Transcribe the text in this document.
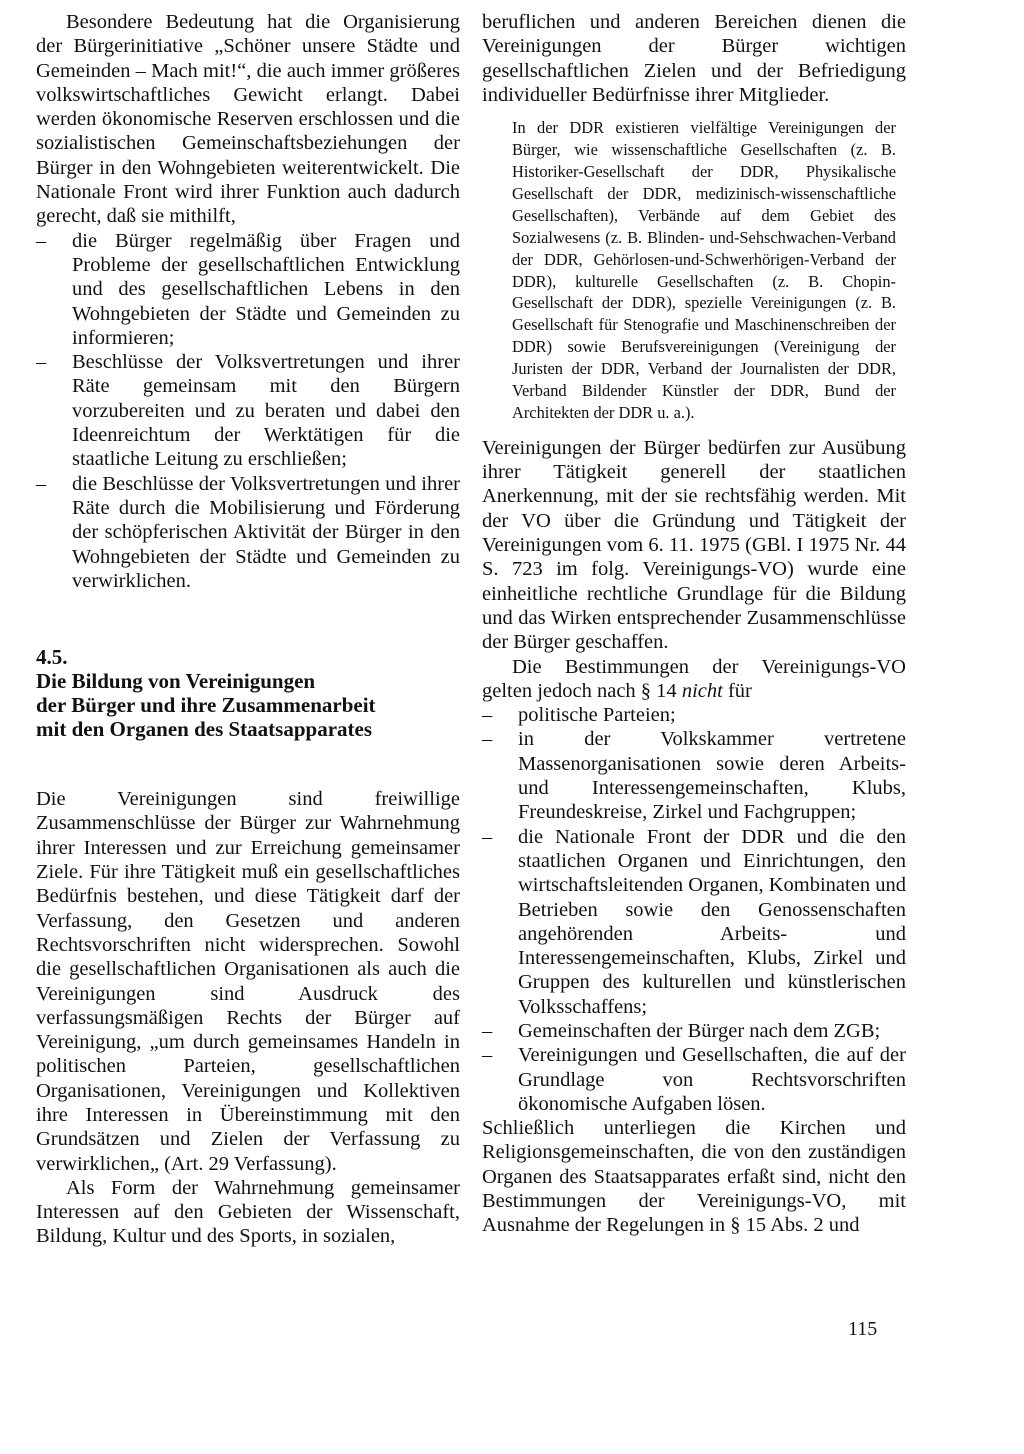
Besondere Bedeutung hat die Organisierung der Bürgerinitiative „Schöner unsere Städte und Gemeinden – Mach mit!“, die auch immer größeres volkswirtschaftliches Gewicht erlangt. Dabei werden ökonomische Reserven erschlossen und die sozialistischen Gemeinschaftsbeziehungen der Bürger in den Wohngebieten weiterentwickelt. Die Nationale Front wird ihrer Funktion auch dadurch gerecht, daß sie mithilft,

– die Bürger regelmäßig über Fragen und Probleme der gesellschaftlichen Entwicklung und des gesellschaftlichen Lebens in den Wohngebieten der Städte und Gemeinden zu informieren;
– Beschlüsse der Volksvertretungen und ihrer Räte gemeinsam mit den Bürgern vorzubereiten und zu beraten und dabei den Ideenreichtum der Werktätigen für die staatliche Leitung zu erschließen;
– die Beschlüsse der Volksvertretungen und ihrer Räte durch die Mobilisierung und Förderung der schöpferischen Aktivität der Bürger in den Wohngebieten der Städte und Gemeinden zu verwirklichen.
4.5.
Die Bildung von Vereinigungen
der Bürger und ihre Zusammenarbeit
mit den Organen des Staatsapparates

Die Vereinigungen sind freiwillige Zusammenschlüsse der Bürger zur Wahrnehmung ihrer Interessen und zur Erreichung gemeinsamer Ziele. Für ihre Tätigkeit muß ein gesellschaftliches Bedürfnis bestehen, und diese Tätigkeit darf der Verfassung, den Gesetzen und anderen Rechtsvorschriften nicht widersprechen. Sowohl die gesellschaftlichen Organisationen als auch die Vereinigungen sind Ausdruck des verfassungsmäßigen Rechts der Bürger auf Vereinigung, „um durch gemeinsames Handeln in politischen Parteien, gesellschaftlichen Organisationen, Vereinigungen und Kollektiven ihre Interessen in Übereinstimmung mit den Grundsätzen und Zielen der Verfassung zu verwirklichen„ (Art. 29 Verfassung).

Als Form der Wahrnehmung gemeinsamer Interessen auf den Gebieten der Wissenschaft, Bildung, Kultur und des Sports, in sozialen,

beruflichen und anderen Bereichen dienen die Vereinigungen der Bürger wichtigen gesellschaftlichen Zielen und der Befriedigung individueller Bedürfnisse ihrer Mitglieder.

In der DDR existieren vielfältige Vereinigungen der Bürger, wie wissenschaftliche Gesellschaften (z. B. Historiker-Gesellschaft der DDR, Physikalische Gesellschaft der DDR, medizinisch-wissenschaftliche Gesellschaften), Verbände auf dem Gebiet des Sozialwesens (z. B. Blinden- und-Sehschwachen-Verband der DDR, Gehörlosen-und-Schwerhörigen-Verband der DDR), kulturelle Gesellschaften (z. B. Chopin-Gesellschaft der DDR), spezielle Vereinigungen (z. B. Gesellschaft für Stenografie und Maschinenschreiben der DDR) sowie Berufsvereinigungen (Vereinigung der Juristen der DDR, Verband der Journalisten der DDR, Verband Bildender Künstler der DDR, Bund der Architekten der DDR u. a.).

Vereinigungen der Bürger bedürfen zur Ausübung ihrer Tätigkeit generell der staatlichen Anerkennung, mit der sie rechtsfähig werden. Mit der VO über die Gründung und Tätigkeit der Vereinigungen vom 6. 11. 1975 (GBl. I 1975 Nr. 44 S. 723 im folg. Vereinigungs-VO) wurde eine einheitliche rechtliche Grundlage für die Bildung und das Wirken entsprechender Zusammenschlüsse der Bürger geschaffen.

Die Bestimmungen der Vereinigungs-VO gelten jedoch nach § 14 nicht für

– politische Parteien;
– in der Volkskammer vertretene Massenorganisationen sowie deren Arbeits- und Interessengemeinschaften, Klubs, Freundeskreise, Zirkel und Fachgruppen;
– die Nationale Front der DDR und die den staatlichen Organen und Einrichtungen, den wirtschaftsleitenden Organen, Kombinaten und Betrieben sowie den Genossenschaften angehörenden Arbeits- und Interessengemeinschaften, Klubs, Zirkel und Gruppen des kulturellen und künstlerischen Volksschaffens;
– Gemeinschaften der Bürger nach dem ZGB;
– Vereinigungen und Gesellschaften, die auf der Grundlage von Rechtsvorschriften ökonomische Aufgaben lösen.

Schließlich unterliegen die Kirchen und Religionsgemeinschaften, die von den zuständigen Organen des Staatsapparates erfaßt sind, nicht den Bestimmungen der Vereinigungs-VO, mit Ausnahme der Regelungen in § 15 Abs. 2 und

115
